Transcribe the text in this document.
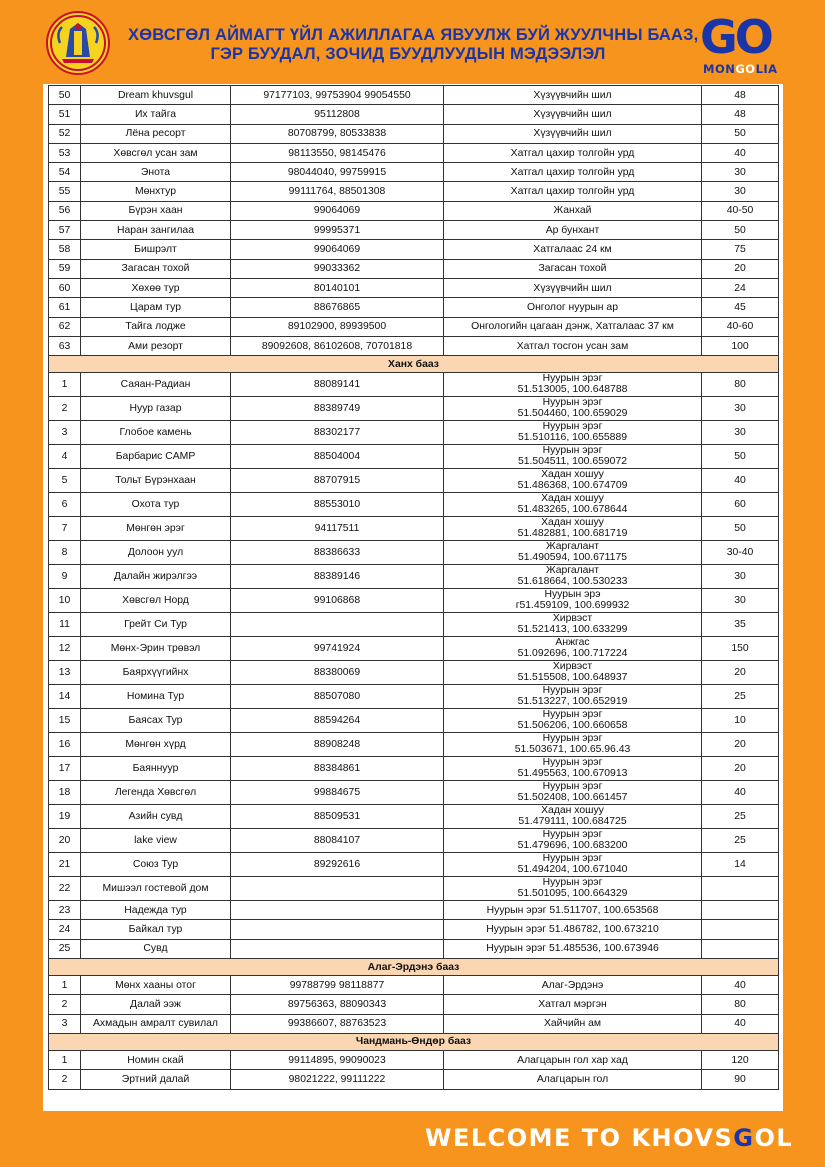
ХӨВСГӨЛ АЙМАГТ ҮЙЛ АЖИЛЛАГАА ЯВУУЛЖ БУЙ ЖУУЛЧНЫ БААЗ,
ГЭР БУУДАЛ, ЗОЧИД БУУДЛУУДЫН МЭДЭЭЛЭЛ	GO
MONGOLIA
50	Dream khuvsgul	97177103, 99753904 99054550	Хүзүүвчийн шил	48
51	Их тайга	95112808	Хүзүүвчийн шил	48
52	Лёна ресорт	80708799, 80533838	Хүзүүвчийн шил	50
53	Хөвсгөл усан зам	98113550, 98145476	Хатгал цахир толгойн урд	40
54	Энота	98044040, 99759915	Хатгал цахир толгойн урд	30
55	Мөнхтур	99111764, 88501308	Хатгал цахир толгойн урд	30
56	Бүрэн хаан	99064069	Жанхай	40-50
57	Наран зангилаа	99995371	Ар бунхант	50
58	Бишрэлт	99064069	Хатгалаас 24 км	75
59	Загасан тохой	99033362	Загасан тохой	20
60	Хөхөө тур	80140101	Хүзүүвчийн шил	24
61	Царам тур	88676865	Онголог нуурын ар	45
62	Тайга лодже	89102900, 89939500	Онгологийн цагаан дэнж, Хатгалаас 37 км	40-60
63	Ами резорт	89092608, 86102608, 70701818	Хатгал тосгон усан зам	100
Ханх бааз				
1	Саяан-Радиан	88089141	Нуурын эрэг
51.513005, 100.648788	80
2	Нуур газар	88389749	Нуурын эрэг
51.504460, 100.659029	30
3	Глобое камень	88302177	Нуурын эрэг
51.510116, 100.655889	30
4	Барбарис CAMP	88504004	Нуурын эрэг
51.504511, 100.659072	50
5	Тольт Бүрэнхаан	88707915	Хадан хошуу
51.486368, 100.674709	40
6	Охота тур	88553010	Хадан хошуу
51.483265, 100.678644	60
7	Мөнгөн эрэг	94117511	Хадан хошуу
51.482881, 100.681719	50
8	Долоон уул	88386633	Жаргалант
51.490594, 100.671175	30-40
9	Далайн жирэлгээ	88389146	Жаргалант
51.618664, 100.530233	30
10	Хөвсгөл Норд	99106868	Нуурын эрэ
г51.459109, 100.699932	30
11	Грейт Си Тур		Хирвэст
51.521413, 100.633299	35
12	Мөнх-Эрин трөвэл	99741924	Анжгас
51.092696, 100.717224	150
13	Баярхүүгийнх	88380069	Хирвэст
51.515508, 100.648937	20
14	Номина Тур	88507080	Нуурын эрэг
51.513227, 100.652919	25
15	Баясах Тур	88594264	Нуурын эрэг
51.506206, 100.660658	10
16	Мөнгөн хүрд	88908248	Нуурын эрэг
51.503671, 100.65.96.43	20
17	Баяннуур	88384861	Нуурын эрэг
51.495563, 100.670913	20
18	Легенда Хөвсгөл	99884675	Нуурын эрэг
51.502408, 100.661457	40
19	Азийн сувд	88509531	Хадан хошуу
51.479111, 100.684725	25
20	lake view	88084107	Нуурын эрэг
51.479696, 100.683200	25
21	Союз Тур	89292616	Нуурын эрэг
51.494204, 100.671040	14
22	Мишээл гостевой дом		Нуурын эрэг
51.501095, 100.664329	

23	Надежда тур		Нуурын эрэг 51.511707, 100.653568	
24	Байкал тур		Нуурын эрэг 51.486782, 100.673210	
25	Сувд		Нуурын эрэг 51.485536, 100.673946	
Алаг-Эрдэнэ бааз				
1	Мөнх хааны отог	99788799 98118877	Алаг-Эрдэнэ	40
2	Далай ээж	89756363, 88090343	Хатгал мэргэн	80
3	Ахмадын амралт сувилал	99386607, 88763523	Хайчийн ам	40
Чандмань-Өндөр бааз				
1	Номин скай	99114895, 99090023	Алагцарын гол хар хад	120
2	Эртний далай	98021222, 99111222	Алагцарын гол	90
WELCOME TO KHOVSGOL
